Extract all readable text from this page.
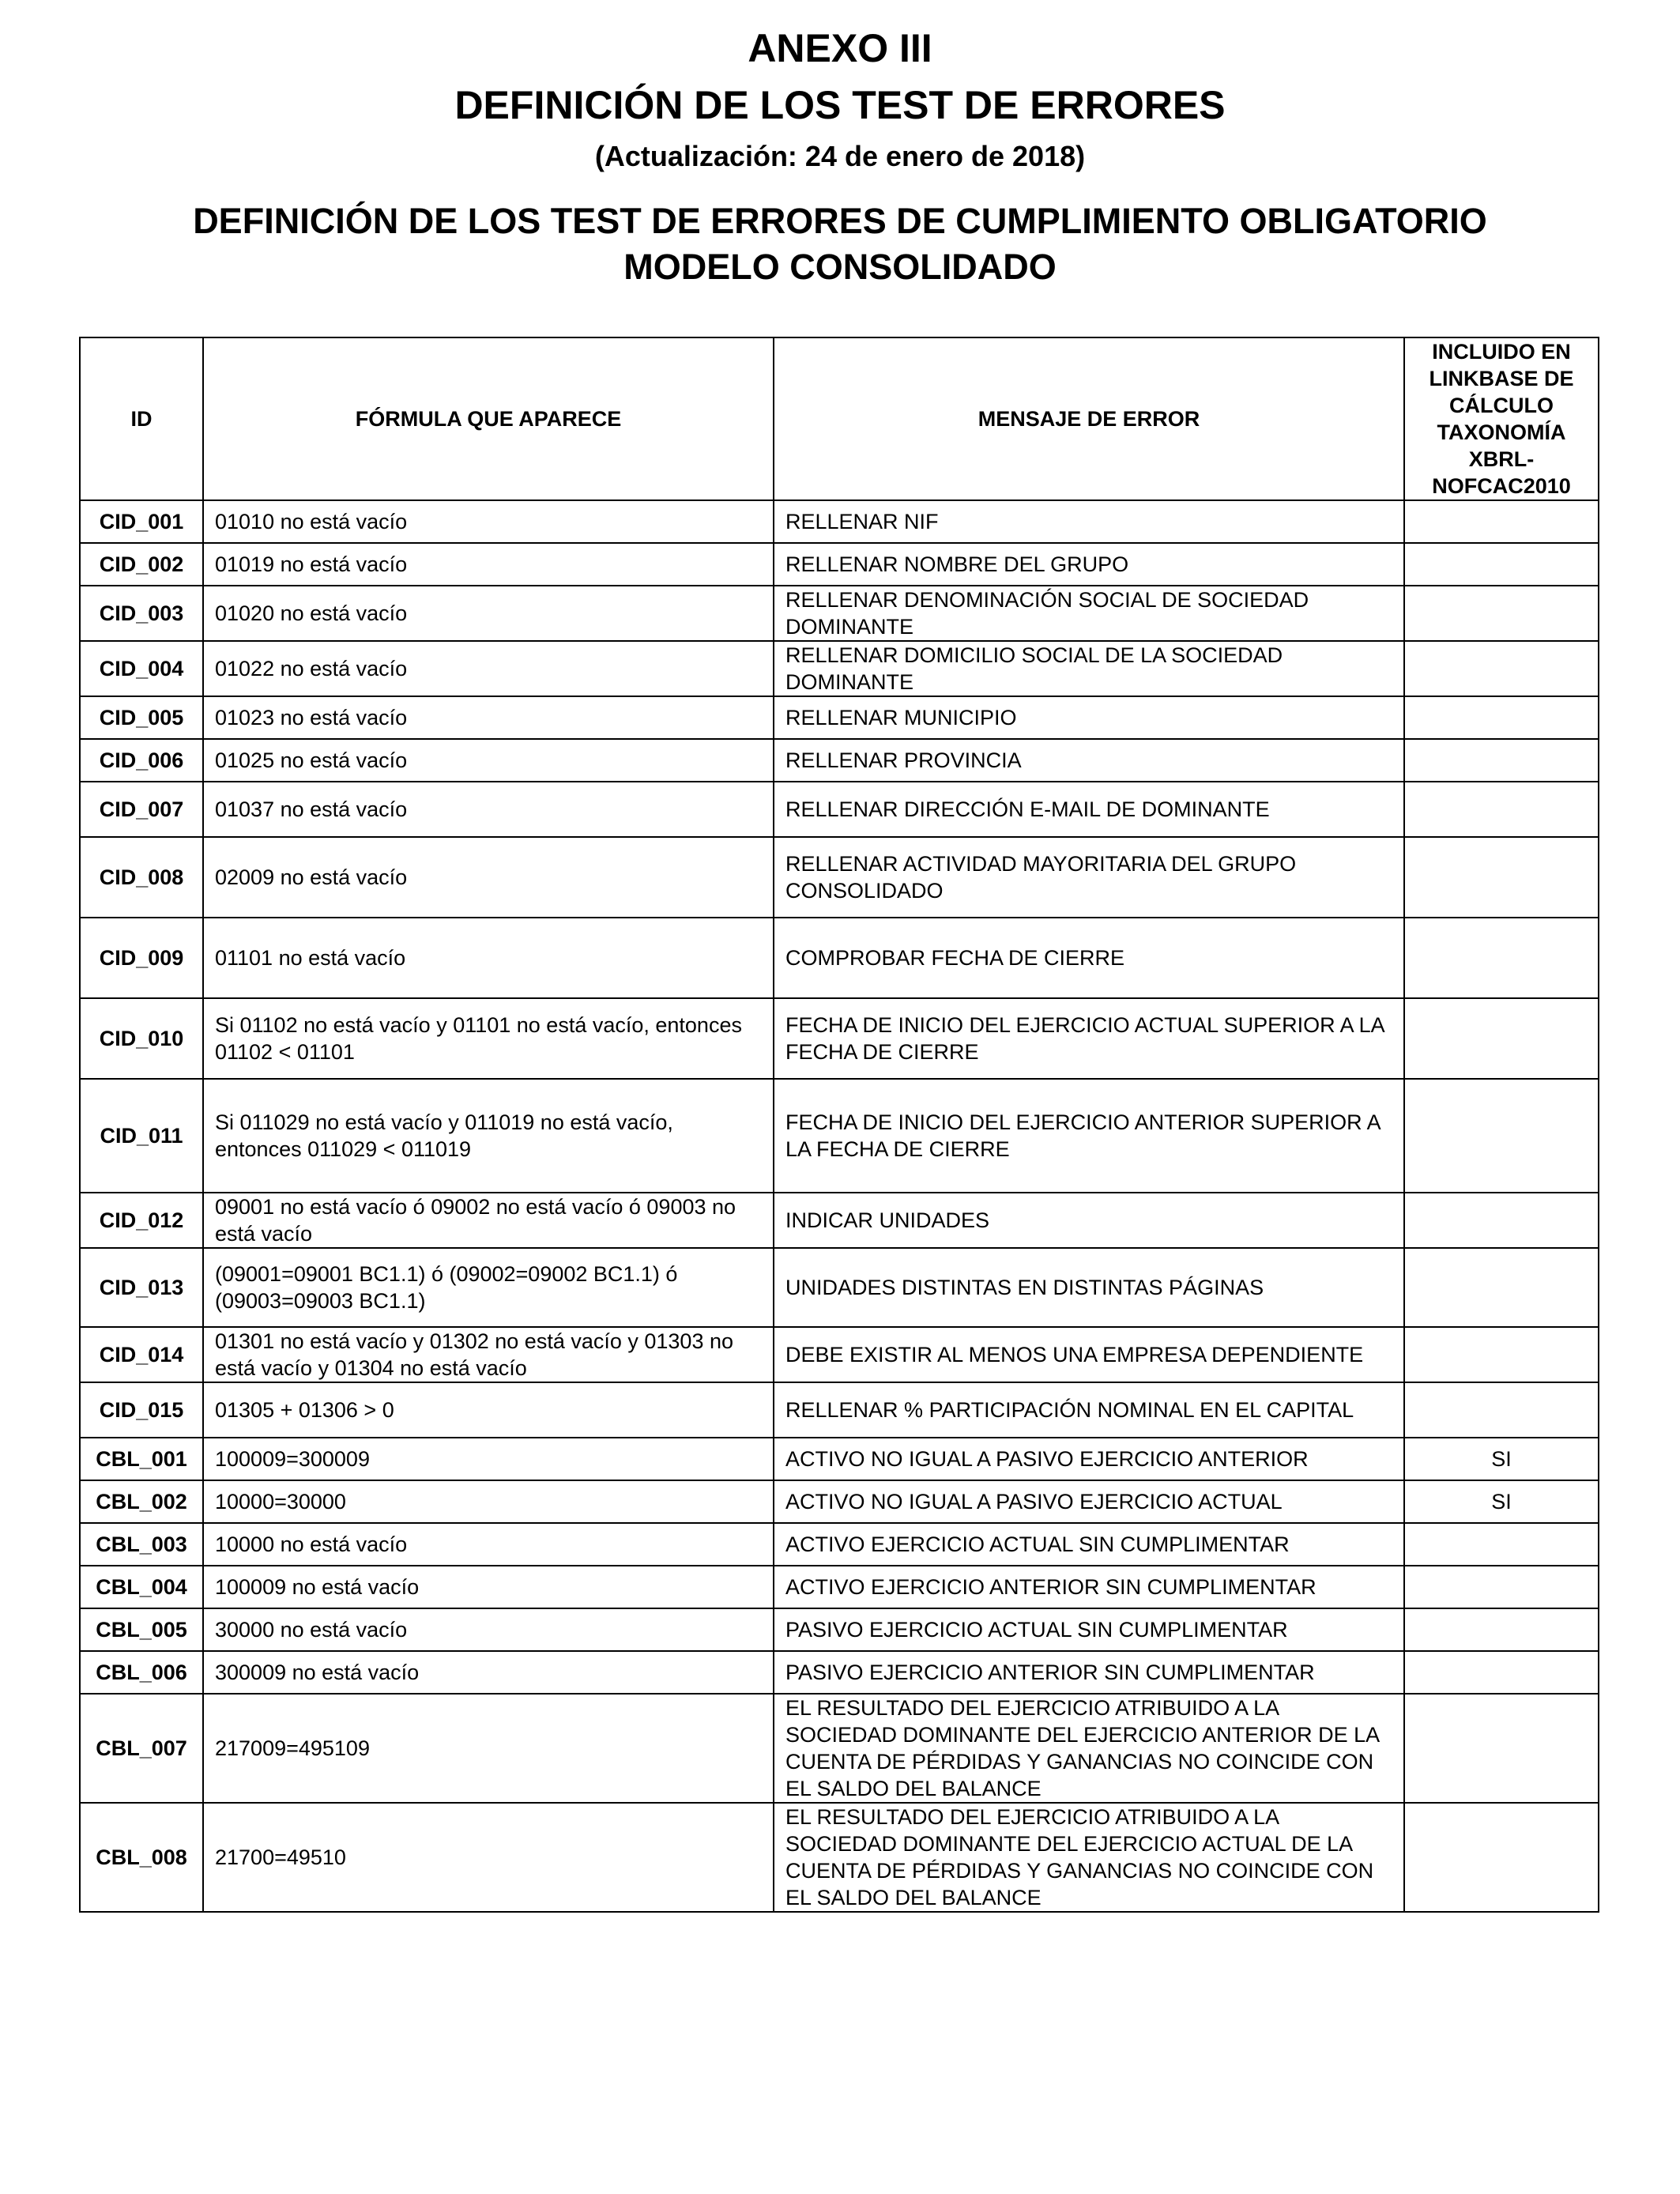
ANEXO III
DEFINICIÓN DE LOS TEST DE ERRORES
(Actualización: 24 de enero de 2018)
DEFINICIÓN DE LOS TEST DE ERRORES DE CUMPLIMIENTO OBLIGATORIO
MODELO CONSOLIDADO
ID	FÓRMULA QUE APARECE	MENSAJE DE ERROR	INCLUIDO EN LINKBASE DE CÁLCULO TAXONOMÍA XBRL-NOFCAC2010
CID_001	01010 no está vacío	RELLENAR NIF	
CID_002	01019 no está vacío	RELLENAR NOMBRE DEL GRUPO	
CID_003	01020 no está vacío	RELLENAR DENOMINACIÓN SOCIAL DE SOCIEDAD DOMINANTE	
CID_004	01022 no está vacío	RELLENAR DOMICILIO SOCIAL DE LA SOCIEDAD DOMINANTE	
CID_005	01023 no está vacío	RELLENAR MUNICIPIO	
CID_006	01025 no está vacío	RELLENAR PROVINCIA	
CID_007	01037 no está vacío	RELLENAR DIRECCIÓN E-MAIL DE DOMINANTE	
CID_008	02009 no está vacío	RELLENAR ACTIVIDAD MAYORITARIA DEL GRUPO CONSOLIDADO	
CID_009	01101 no está vacío	COMPROBAR FECHA DE CIERRE	
CID_010	Si 01102 no está vacío y 01101 no está vacío, entonces 01102 < 01101	FECHA DE INICIO DEL EJERCICIO ACTUAL SUPERIOR A LA FECHA DE CIERRE	
CID_011	Si 011029 no está vacío y 011019 no está vacío, entonces 011029 < 011019	FECHA DE INICIO DEL EJERCICIO ANTERIOR SUPERIOR A LA FECHA DE CIERRE	
CID_012	09001 no está vacío ó 09002 no está vacío ó 09003 no está vacío	INDICAR UNIDADES	
CID_013	(09001=09001 BC1.1) ó (09002=09002 BC1.1) ó (09003=09003 BC1.1)	UNIDADES DISTINTAS EN DISTINTAS PÁGINAS	
CID_014	01301 no está vacío y 01302 no está vacío y 01303 no está vacío y 01304 no está vacío	DEBE EXISTIR AL MENOS UNA EMPRESA DEPENDIENTE	
CID_015	01305 + 01306 > 0	RELLENAR % PARTICIPACIÓN NOMINAL EN EL CAPITAL	
CBL_001	100009=300009	ACTIVO NO IGUAL A PASIVO EJERCICIO ANTERIOR	SI
CBL_002	10000=30000	ACTIVO NO IGUAL A PASIVO EJERCICIO ACTUAL	SI
CBL_003	10000 no está vacío	ACTIVO EJERCICIO ACTUAL SIN CUMPLIMENTAR	
CBL_004	100009 no está vacío	ACTIVO EJERCICIO ANTERIOR SIN CUMPLIMENTAR	
CBL_005	30000 no está vacío	PASIVO EJERCICIO ACTUAL SIN CUMPLIMENTAR	
CBL_006	300009 no está vacío	PASIVO EJERCICIO ANTERIOR SIN CUMPLIMENTAR	
CBL_007	217009=495109	EL RESULTADO DEL EJERCICIO ATRIBUIDO A LA SOCIEDAD DOMINANTE DEL EJERCICIO ANTERIOR DE LA CUENTA DE PÉRDIDAS Y GANANCIAS NO COINCIDE CON EL SALDO DEL BALANCE	
CBL_008	21700=49510	EL RESULTADO DEL EJERCICIO ATRIBUIDO A LA SOCIEDAD DOMINANTE DEL EJERCICIO ACTUAL DE LA CUENTA DE PÉRDIDAS Y GANANCIAS NO COINCIDE CON EL SALDO DEL BALANCE	
